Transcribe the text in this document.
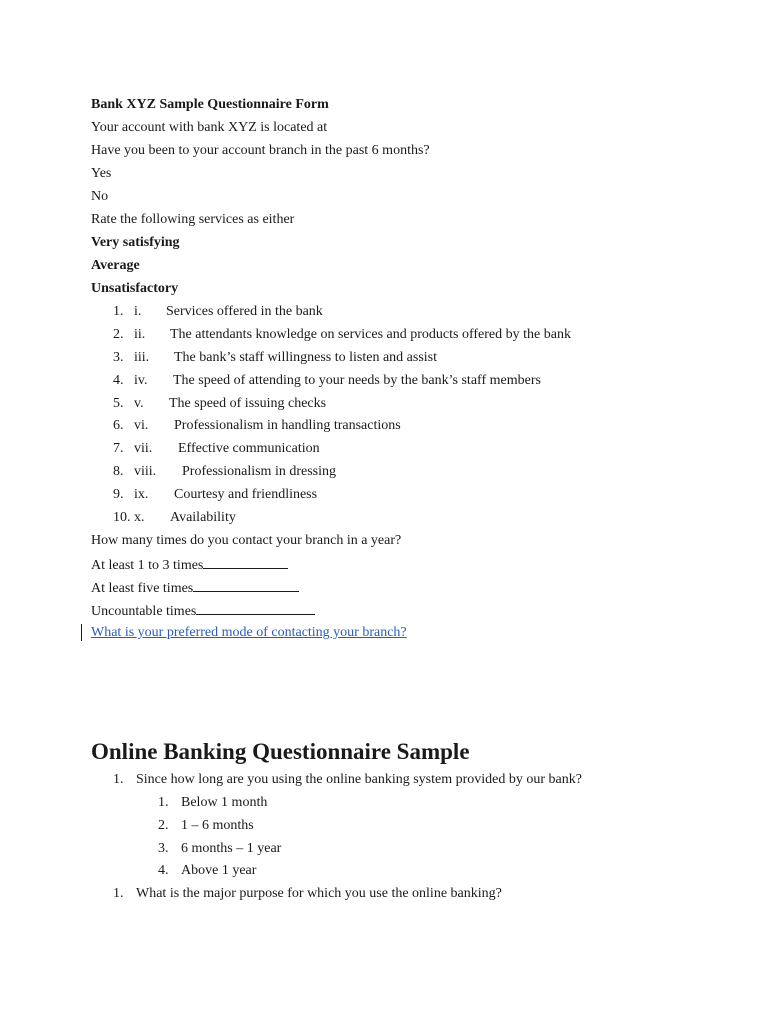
Bank XYZ Sample Questionnaire Form
Your account with bank XYZ is located at
Have you been to your account branch in the past 6 months?
Yes
No
Rate the following services as either
Very satisfying
Average
Unsatisfactory
1. i. Services offered in the bank
2. ii. The attendants knowledge on services and products offered by the bank
3. iii. The bank’s staff willingness to listen and assist
4. iv. The speed of attending to your needs by the bank’s staff members
5. v. The speed of issuing checks
6. vi. Professionalism in handling transactions
7. vii. Effective communication
8. viii. Professionalism in dressing
9. ix. Courtesy and friendliness
10. x. Availability
How many times do you contact your branch in a year?
At least 1 to 3 times
At least five times
Uncountable times
What is your preferred mode of contacting your branch?
Online Banking Questionnaire Sample
1. Since how long are you using the online banking system provided by our bank?
1. Below 1 month
2. 1 – 6 months
3. 6 months – 1 year
4. Above 1 year
1. What is the major purpose for which you use the online banking?
